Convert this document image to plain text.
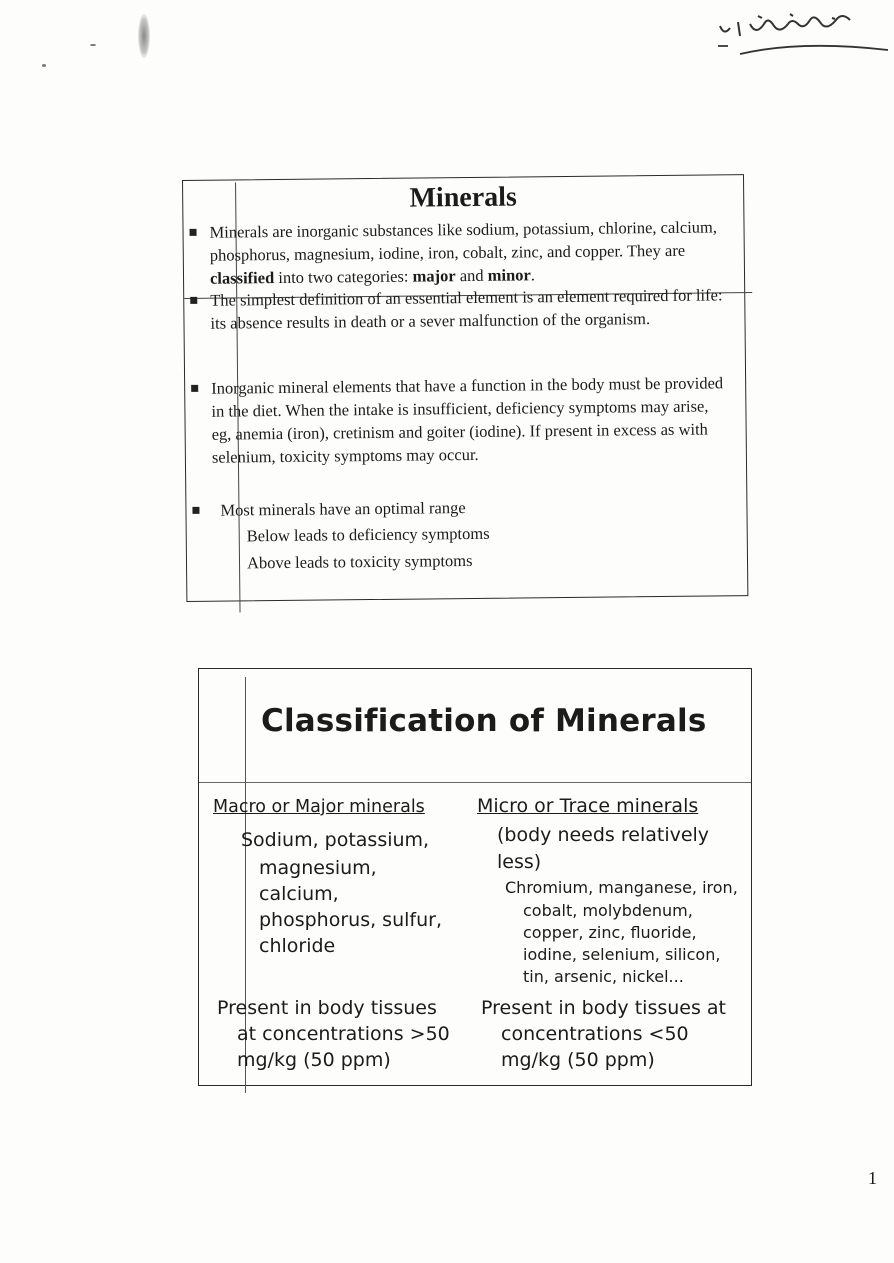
Minerals
Minerals are inorganic substances like sodium, potassium, chlorine, calcium, phosphorus, magnesium, iodine, iron, cobalt, zinc, and copper. They are classified into two categories: major and minor.
The simplest definition of an essential element is an element required for life: its absence results in death or a sever malfunction of the organism.
Inorganic mineral elements that have a function in the body must be provided in the diet. When the intake is insufficient, deficiency symptoms may arise, eg, anemia (iron), cretinism and goiter (iodine). If present in excess as with selenium, toxicity symptoms may occur.
Most minerals have an optimal range
Below leads to deficiency symptoms
Above leads to toxicity symptoms
Classification of Minerals
Macro or Major minerals	Micro or Trace minerals
Sodium, potassium,
magnesium,
calcium,
phosphorus, sulfur,
chloride
(body needs relatively
less)
Chromium, manganese, iron,
cobalt, molybdenum,
copper, zinc, fluoride,
iodine, selenium, silicon,
tin, arsenic, nickel...
Present in body tissues
at concentrations >50
mg/kg (50 ppm)
Present in body tissues at
concentrations <50
mg/kg (50 ppm)
1
